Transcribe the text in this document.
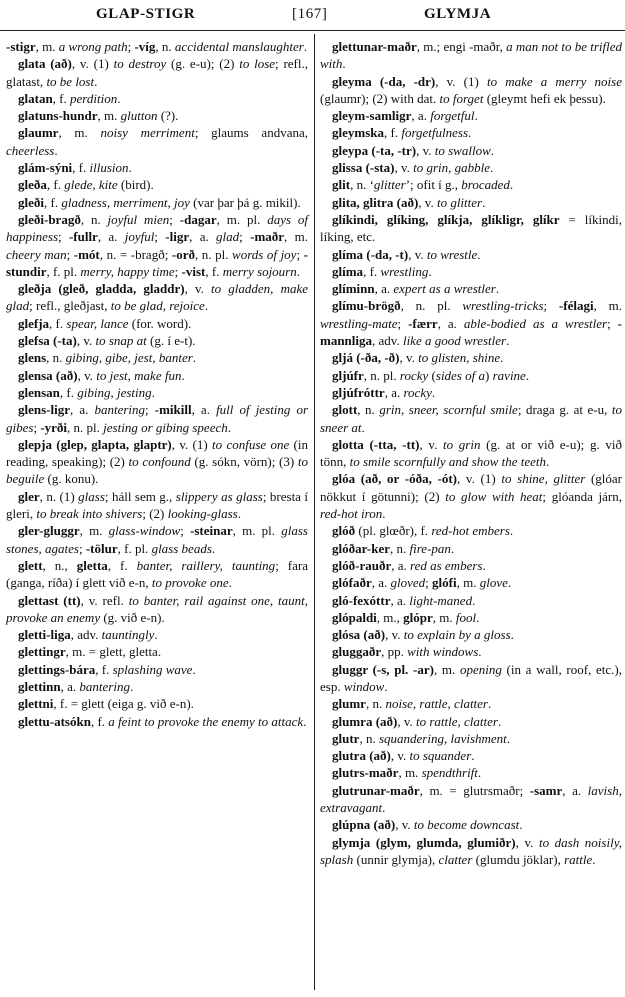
GLAP-STIGR	[167]	GLYMJA

-stigr, m. a wrong path; -víg, n. accidental manslaughter.

glata (að), v. (1) to destroy (g. e-u); (2) to lose; refl., glatast, to be lost.

glatan, f. perdition.

glatuns-hundr, m. glutton (?).

glaumr, m. noisy merriment; glaums andvana, cheerless.

glám-sýni, f. illusion.

gleða, f. glede, kite (bird).

gleði, f. gladness, merriment, joy (var þar þá g. mikil).

gleði-bragð, n. joyful mien; -dagar, m. pl. days of happiness; -fullr, a. joyful; -ligr, a. glad; -maðr, m. cheery man; -mót, n. = -bragð; -orð, n. pl. words of joy; -stundir, f. pl. merry, happy time; -vist, f. merry sojourn.

gleðja (gleð, gladda, gladdr), v. to gladden, make glad; refl., gleðjast, to be glad, rejoice.

glefja, f. spear, lance (for. word).

glefsa (-ta), v. to snap at (g. í e-t).

glens, n. gibing, gibe, jest, banter.

glensa (að), v. to jest, make fun.

glensan, f. gibing, jesting.

glens-ligr, a. bantering; -mikill, a. full of jesting or gibes; -yrði, n. pl. jesting or gibing speech.

glepja (glep, glapta, glaptr), v. (1) to confuse one (in reading, speaking); (2) to confound (g. sókn, vörn); (3) to beguile (g. konu).

gler, n. (1) glass; háll sem g., slippery as glass; bresta í gleri, to break into shivers; (2) looking-glass.

gler-gluggr, m. glass-window; -steinar, m. pl. glass stones, agates; -tölur, f. pl. glass beads.

glett, n., gletta, f. banter, raillery, taunting; fara (ganga, ríða) í glett við e-n, to provoke one.

glettast (tt), v. refl. to banter, rail against one, taunt, provoke an enemy (g. við e-n).

gletti-liga, adv. tauntingly.

glettingr, m. = glett, gletta.

glettings-bára, f. splashing wave.

glettinn, a. bantering.

glettni, f. = glett (eiga g. við e-n).

glettu-atsókn, f. a feint to provoke the enemy to attack.

glettunar-maðr, m.; engi -maðr, a man not to be trifled with.

gleyma (-da, -dr), v. (1) to make a merry noise (glaumr); (2) with dat. to forget (gleymt hefi ek þessu).

gleym-samligr, a. forgetful.

gleymska, f. forgetfulness.

gleypa (-ta, -tr), v. to swallow.

glissa (-sta), v. to grin, gabble.

glit, n. ‘glitter’; ofit í g., brocaded.

glita, glitra (að), v. to glitter.

glíkindi, glíking, glíkja, glíkligr, glíkr = líkindi, líking, etc.

glíma (-da, -t), v. to wrestle.

glíma, f. wrestling.

glíminn, a. expert as a wrestler.

glímu-brögð, n. pl. wrestling-tricks; -félagi, m. wrestling-mate; -færr, a. able-bodied as a wrestler; -mannliga, adv. like a good wrestler.

gljá (-ða, -ð), v. to glisten, shine.

gljúfr, n. pl. rocky (sides of a) ravine.

gljúfróttr, a. rocky.

glott, n. grin, sneer, scornful smile; draga g. at e-u, to sneer at.

glotta (-tta, -tt), v. to grin (g. at or við e-u); g. við tönn, to smile scornfully and show the teeth.

glóa (að, or -óða, -ót), v. (1) to shine, glitter (glóar nökkut í götunni); (2) to glow with heat; glóanda járn, red-hot iron.

glóð (pl. glœðr), f. red-hot embers.

glóðar-ker, n. fire-pan.

glóð-rauðr, a. red as embers.

glófaðr, a. gloved; glófi, m. glove.

gló-fexóttr, a. light-maned.

glópaldi, m., glópr, m. fool.

glósa (að), v. to explain by a gloss.

gluggaðr, pp. with windows.

gluggr (-s, pl. -ar), m. opening (in a wall, roof, etc.), esp. window.

glumr, n. noise, rattle, clatter.

glumra (að), v. to rattle, clatter.

glutr, n. squandering, lavishment.

glutra (að), v. to squander.

glutrs-maðr, m. spendthrift.

glutrunar-maðr, m. = glutrsmaðr; -samr, a. lavish, extravagant.

glúpna (að), v. to become downcast.

glymja (glym, glumda, glumiðr), v. to dash noisily, splash (unnir glymja), clatter (glumdu jöklar), rattle.
